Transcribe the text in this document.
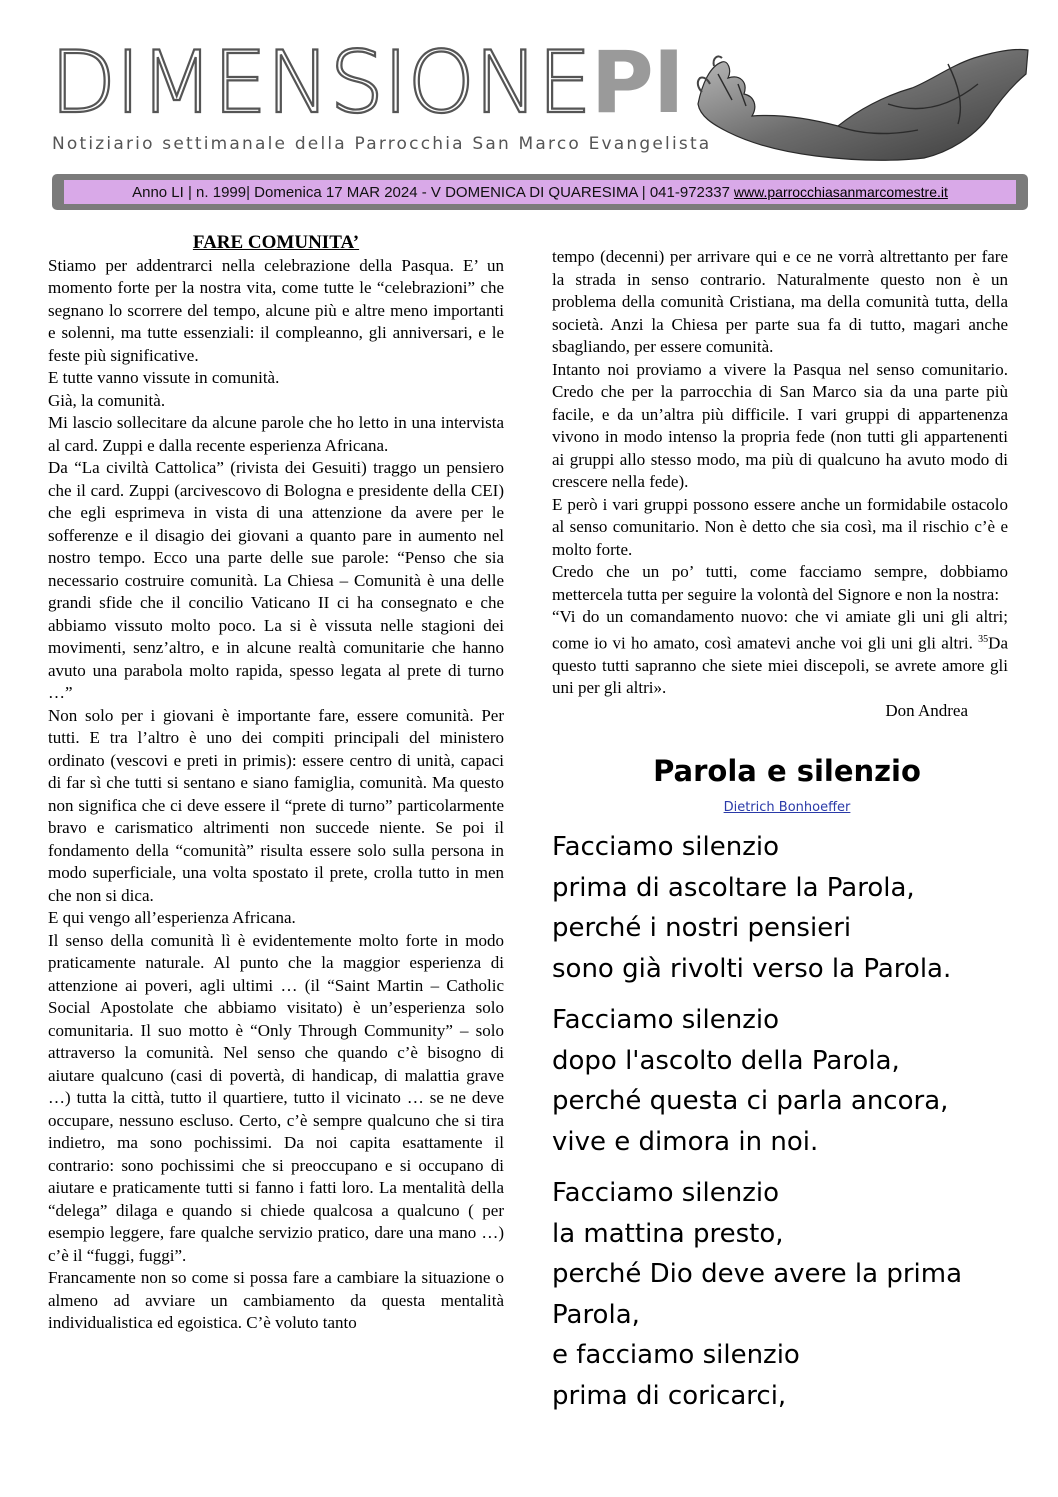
DIMENSIONEPI
Notiziario settimanale della Parrocchia San Marco Evangelista
Anno LI | n. 1999| Domenica 17 MAR 2024 - V DOMENICA DI QUARESIMA | 041-972337 www.parrocchiasanmarcomestre.it
FARE COMUNITA’

Stiamo per addentrarci nella celebrazione della Pasqua. E’ un momento forte per la nostra vita, come tutte le “celebrazioni” che segnano lo scorrere del tempo, alcune più e altre meno importanti e solenni, ma tutte essenziali: il compleanno, gli anniversari, e le feste più significative.

E tutte vanno vissute in comunità.

Già, la comunità.

Mi lascio sollecitare da alcune parole che ho letto in una intervista al card. Zuppi e dalla recente esperienza Africana.

Da “La civiltà Cattolica” (rivista dei Gesuiti) traggo un pensiero che il card. Zuppi (arcivescovo di Bologna e presidente della CEI) che egli esprimeva in vista di una attenzione da avere per le sofferenze e il disagio dei giovani a quanto pare in aumento nel nostro tempo. Ecco una parte delle sue parole: “Penso che sia necessario costruire comunità. La Chiesa – Comunità è una delle grandi sfide che il concilio Vaticano II ci ha consegnato e che abbiamo vissuto molto poco. La si è vissuta nelle stagioni dei movimenti, senz’altro, e in alcune realtà comunitarie che hanno avuto una parabola molto rapida, spesso legata al prete di turno …”

Non solo per i giovani è importante fare, essere comunità. Per tutti. E tra l’altro è uno dei compiti principali del ministero ordinato (vescovi e preti in primis): essere centro di unità, capaci di far sì che tutti si sentano e siano famiglia, comunità. Ma questo non significa che ci deve essere il “prete di turno” particolarmente bravo e carismatico altrimenti non succede niente. Se poi il fondamento della “comunità” risulta essere solo sulla persona in modo superficiale, una volta spostato il prete, crolla tutto in men che non si dica.

E qui vengo all’esperienza Africana.

Il senso della comunità lì è evidentemente molto forte in modo praticamente naturale. Al punto che la maggior esperienza di attenzione ai poveri, agli ultimi … (il “Saint Martin – Catholic Social Apostolate che abbiamo visitato) è un’esperienza solo comunitaria. Il suo motto è “Only Through Community” – solo attraverso la comunità. Nel senso che quando c’è bisogno di aiutare qualcuno (casi di povertà, di handicap, di malattia grave …) tutta la città, tutto il quartiere, tutto il vicinato … se ne deve occupare, nessuno escluso. Certo, c’è sempre qualcuno che si tira indietro, ma sono pochissimi. Da noi capita esattamente il contrario: sono pochissimi che si preoccupano e si occupano di aiutare e praticamente tutti si fanno i fatti loro. La mentalità della “delega” dilaga e quando si chiede qualcosa a qualcuno ( per esempio leggere, fare qualche servizio pratico, dare una mano …) c’è il “fuggi, fuggi”.

Francamente non so come si possa fare a cambiare la situazione o almeno ad avviare un cambiamento da questa mentalità individualistica ed egoistica. C’è voluto tanto

tempo (decenni) per arrivare qui e ce ne vorrà altrettanto per fare la strada in senso contrario. Naturalmente questo non è un problema della comunità Cristiana, ma della comunità tutta, della società. Anzi la Chiesa per parte sua fa di tutto, magari anche sbagliando, per essere comunità.

Intanto noi proviamo a vivere la Pasqua nel senso comunitario. Credo che per la parrocchia di San Marco sia da una parte più facile, e da un’altra più difficile. I vari gruppi di appartenenza vivono in modo intenso la propria fede (non tutti gli appartenenti ai gruppi allo stesso modo, ma più di qualcuno ha avuto modo di crescere nella fede).

E però i vari gruppi possono essere anche un formidabile ostacolo al senso comunitario. Non è detto che sia così, ma il rischio c’è e molto forte.

Credo che un po’ tutti, come facciamo sempre, dobbiamo mettercela tutta per seguire la volontà del Signore e non la nostra:

“Vi do un comandamento nuovo: che vi amiate gli uni gli altri; come io vi ho amato, così amatevi anche voi gli uni gli altri. $^{35}$Da questo tutti sapranno che siete miei discepoli, se avrete amore gli uni per gli altri».

Don Andrea
Parola e silenzio
Dietrich Bonhoeffer
Facciamo silenzio
prima di ascoltare la Parola,
perché i nostri pensieri
sono già rivolti verso la Parola.
Facciamo silenzio
dopo l'ascolto della Parola,
perché questa ci parla ancora,
vive e dimora in noi.
Facciamo silenzio
la mattina presto,
perché Dio deve avere la prima
Parola,
e facciamo silenzio
prima di coricarci,
